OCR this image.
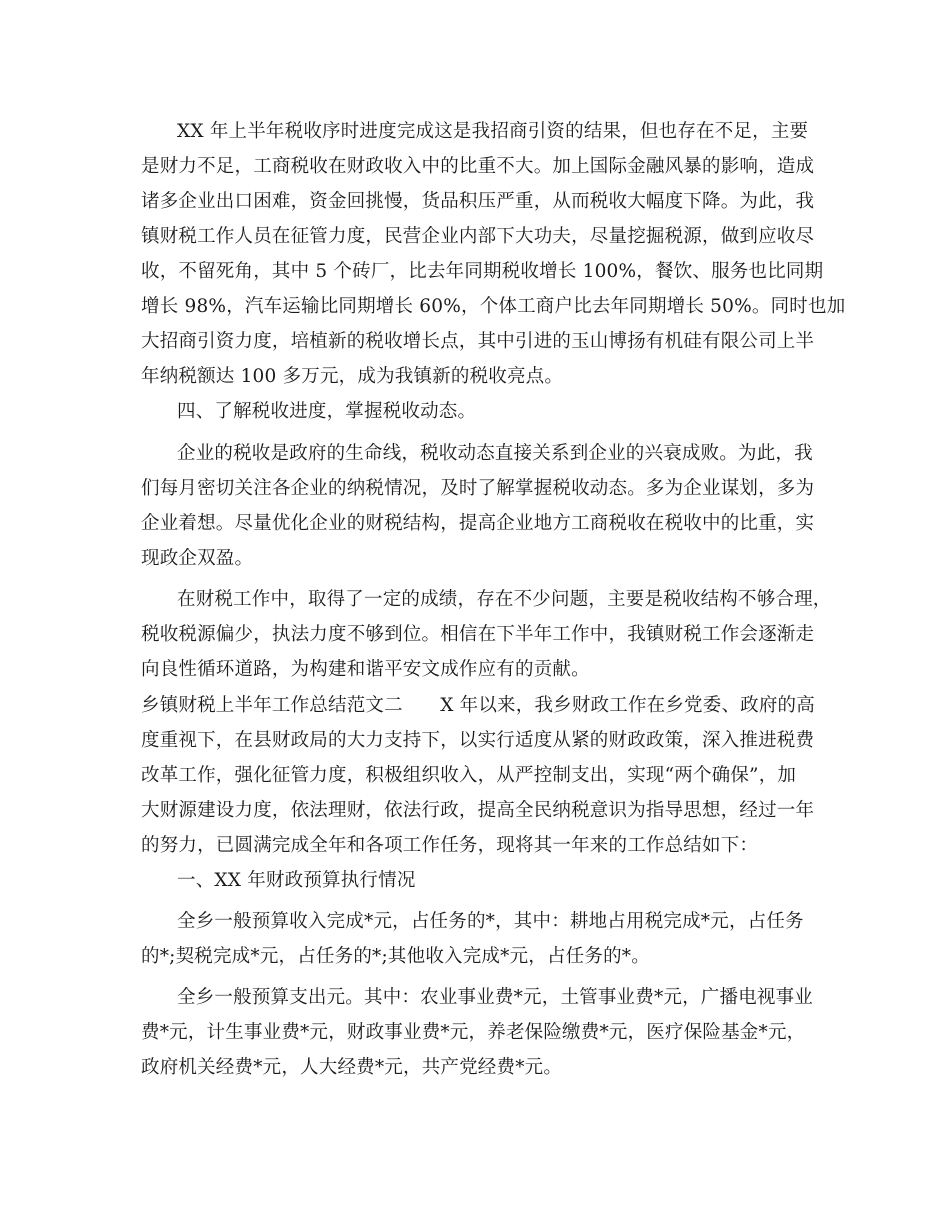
XX 年上半年税收序时进度完成这是我招商引资的结果，但也存在不足，主要
是财力不足，工商税收在财政收入中的比重不大。加上国际金融风暴的影响，造成
诸多企业出口困难，资金回挑慢，货品积压严重，从而税收大幅度下降。为此，我
镇财税工作人员在征管力度，民营企业内部下大功夫，尽量挖掘税源，做到应收尽
收，不留死角，其中 5 个砖厂，比去年同期税收增长 100%，餐饮、服务也比同期
增长 98%，汽车运输比同期增长 60%，个体工商户比去年同期增长 50%。同时也加
大招商引资力度，培植新的税收增长点，其中引进的玉山博扬有机硅有限公司上半
年纳税额达 100 多万元，成为我镇新的税收亮点。
四、了解税收进度，掌握税收动态。
企业的税收是政府的生命线，税收动态直接关系到企业的兴衰成败。为此，我
们每月密切关注各企业的纳税情况，及时了解掌握税收动态。多为企业谋划，多为
企业着想。尽量优化企业的财税结构，提高企业地方工商税收在税收中的比重，实
现政企双盈。
在财税工作中，取得了一定的成绩，存在不少问题，主要是税收结构不够合理，
税收税源偏少，执法力度不够到位。相信在下半年工作中，我镇财税工作会逐渐走
向良性循环道路，为构建和谐平安文成作应有的贡献。
乡镇财税上半年工作总结范文二　　X 年以来，我乡财政工作在乡党委、政府的高
度重视下，在县财政局的大力支持下，以实行适度从紧的财政政策，深入推进税费
改革工作，强化征管力度，积极组织收入，从严控制支出，实现“两个确保”，加
大财源建设力度，依法理财，依法行政，提高全民纳税意识为指导思想，经过一年
的努力，已圆满完成全年和各项工作任务，现将其一年来的工作总结如下：
一、XX 年财政预算执行情况
全乡一般预算收入完成*元，占任务的*，其中：耕地占用税完成*元，占任务
的*;契税完成*元，占任务的*;其他收入完成*元，占任务的*。
全乡一般预算支出元。其中：农业事业费*元，土管事业费*元，广播电视事业
费*元，计生事业费*元，财政事业费*元，养老保险缴费*元，医疗保险基金*元，
政府机关经费*元，人大经费*元，共产党经费*元。
